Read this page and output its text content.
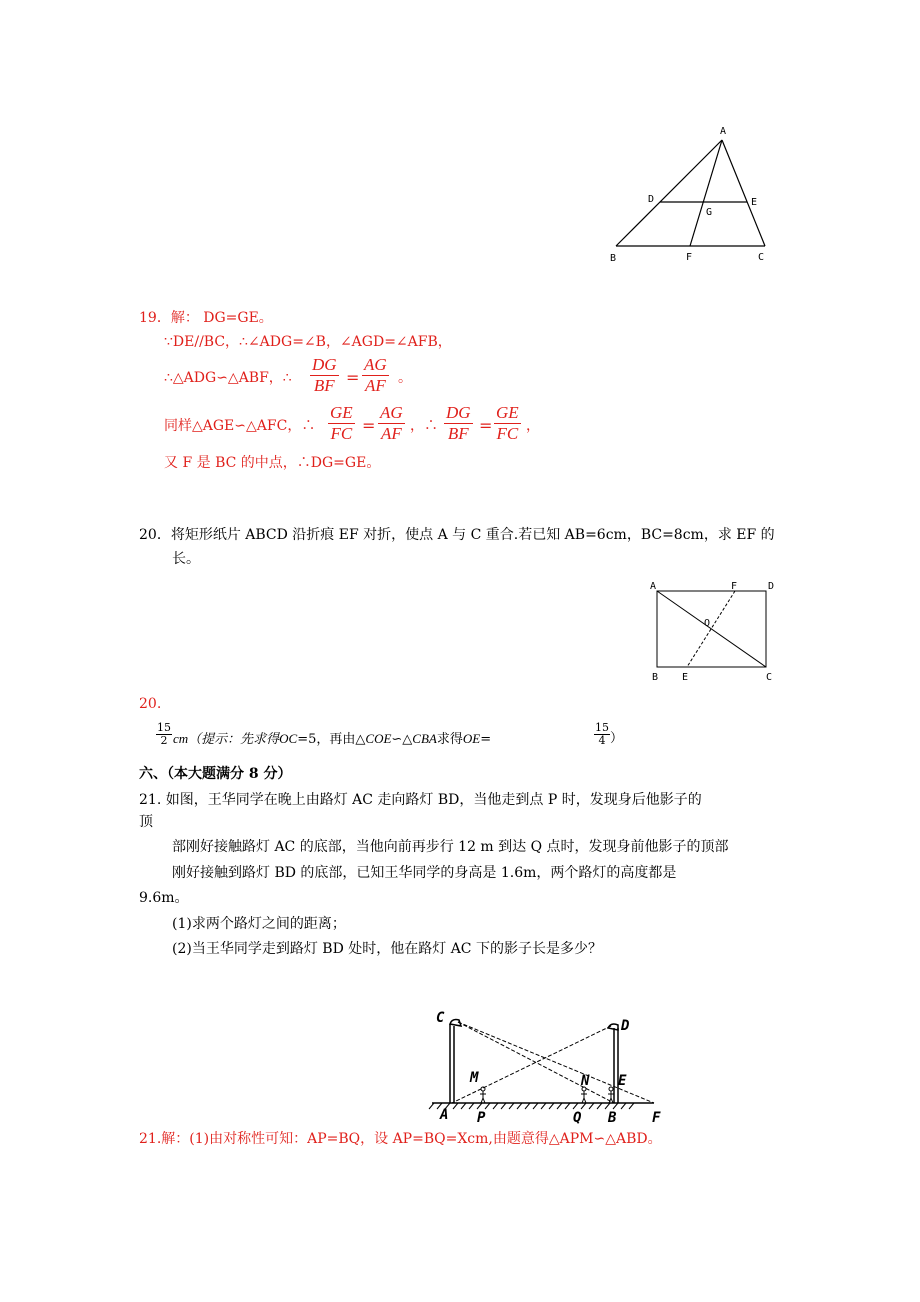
A
D	E
G
B	F	C
19．解： DG=GE。
∵DE//BC，∴∠ADG=∠B，∠AGD=∠AFB，
∴△ADG∽△ABF，∴ $\frac{DG}{BF} = \frac{AG}{AF}$ 。
同样△AGE∽△AFC，∴ $\frac{GE}{FC} = \frac{AG}{AF}$ ，∴ $\frac{DG}{BF} = \frac{GE}{FC}$ ，
又 F 是 BC 的中点，∴DG=GE。
20．将矩形纸片 ABCD 沿折痕 EF 对折，使点 A 与 C 重合.若已知 AB=6cm，BC=8cm，求 EF 的
长。
A	F	D
O
B E	C
20.
$\frac{15}{2} cm$（提示：先求得OC=5，再由△COE∽△CBA求得OE=	$\frac{15}{4}$ ）
六、（本大题满分 8 分）
21. 如图，王华同学在晚上由路灯 AC 走向路灯 BD，当他走到点 P 时，发现身后他影子的
顶
部刚好接触路灯 AC 的底部，当他向前再步行 12 m 到达 Q 点时，发现身前他影子的顶部
刚好接触到路灯 BD 的底部，已知王华同学的身高是 1.6m，两个路灯的高度都是
9.6m。
(1)求两个路灯之间的距离；
(2)当王华同学走到路灯 BD 处时，他在路灯 AC 下的影子长是多少？
C	D
M	N E
A P	Q B	F
21.解：(1)由对称性可知：AP=BQ，设 AP=BQ=Xcm,由题意得△APM∽△ABD。
